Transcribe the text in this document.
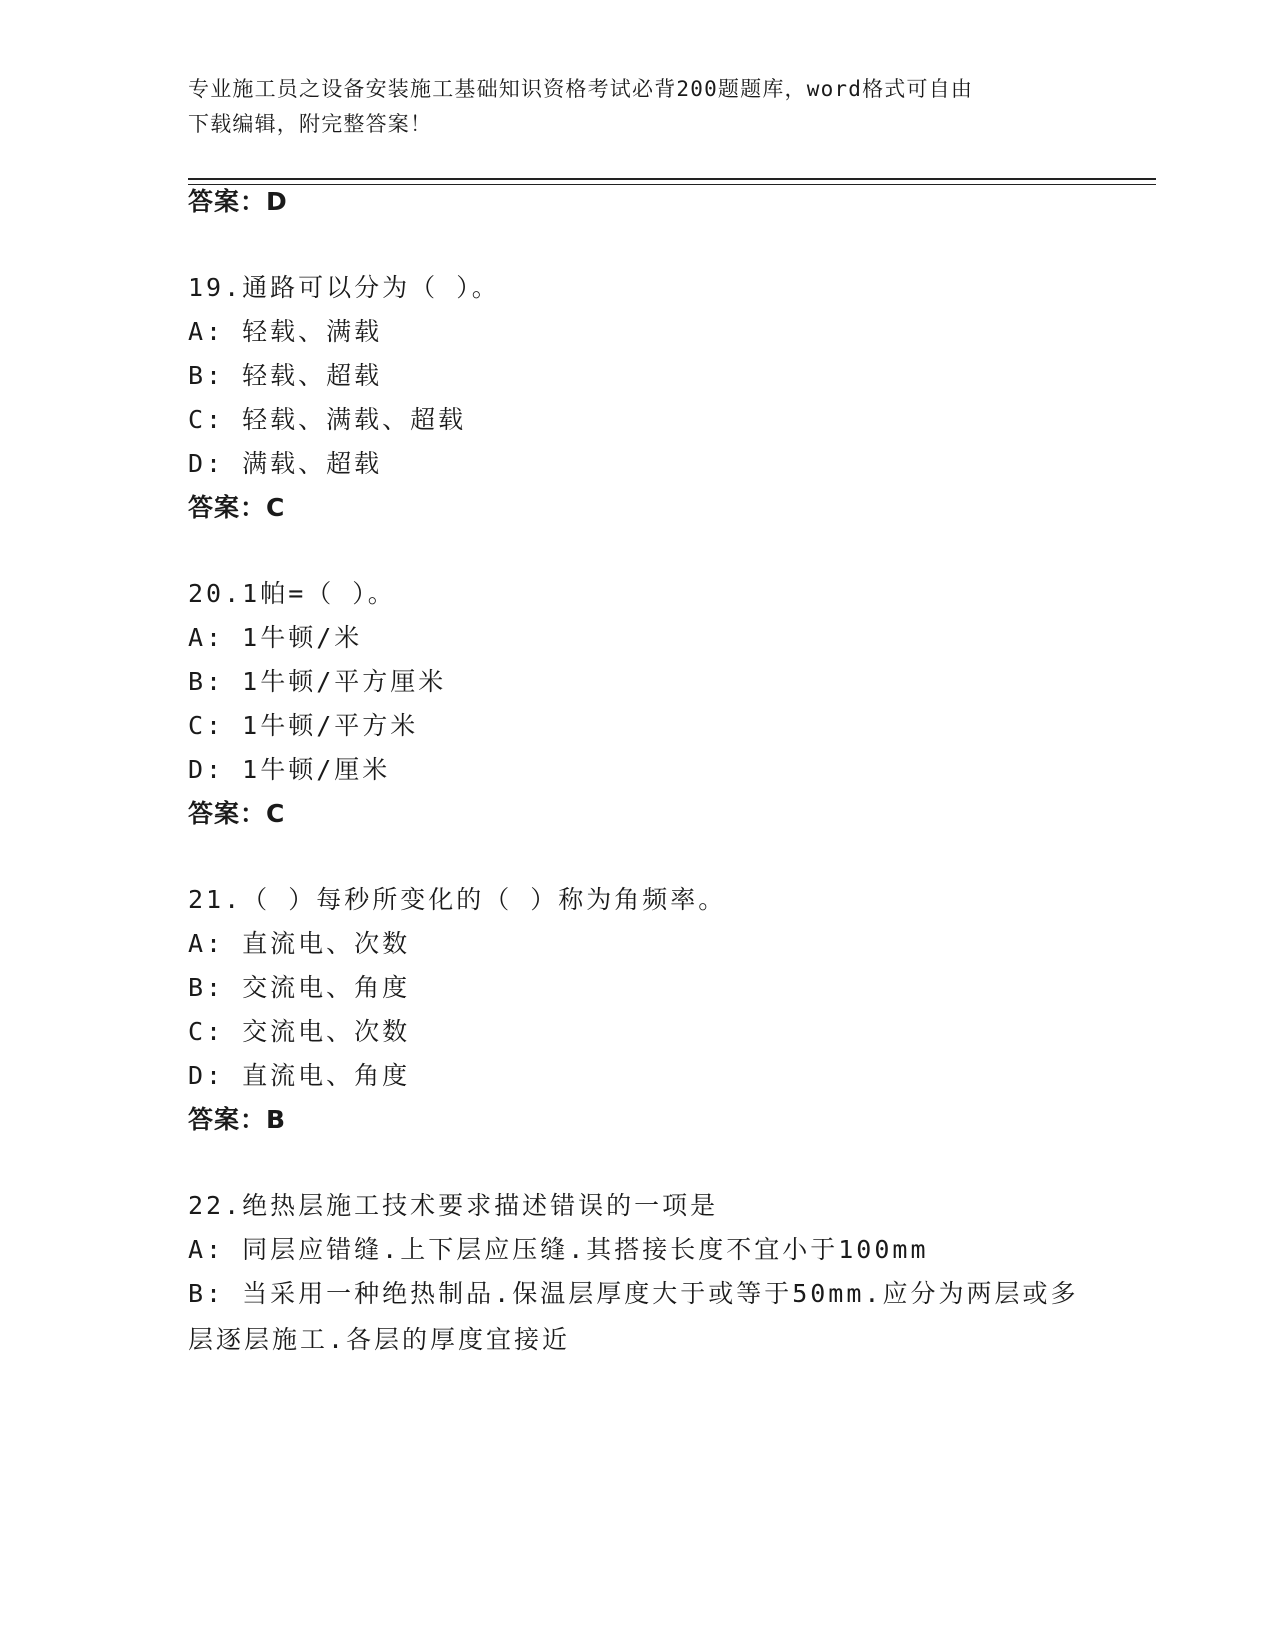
专业施工员之设备安装施工基础知识资格考试必背200题题库，word格式可自由
下载编辑，附完整答案！
答案：D
19.通路可以分为（ ）。
A: 轻载、满载
B: 轻载、超载
C: 轻载、满载、超载
D: 满载、超载
答案：C
20.1帕=（ ）。
A: 1牛顿/米
B: 1牛顿/平方厘米
C: 1牛顿/平方米
D: 1牛顿/厘米
答案：C
21.（ ）每秒所变化的（ ）称为角频率。
A: 直流电、次数
B: 交流电、角度
C: 交流电、次数
D: 直流电、角度
答案：B
22.绝热层施工技术要求描述错误的一项是
A: 同层应错缝.上下层应压缝.其搭接长度不宜小于100mm
B: 当采用一种绝热制品.保温层厚度大于或等于50mm.应分为两层或多层逐层施工.各层的厚度宜接近
